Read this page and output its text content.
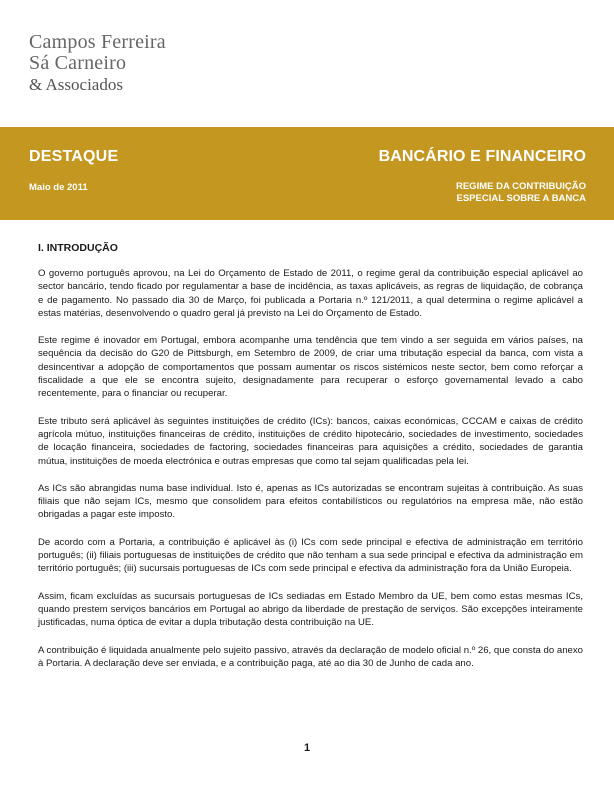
Campos Ferreira
Sá Carneiro
& Associados
DESTAQUE
Maio de 2011
BANCÁRIO E FINANCEIRO
REGIME DA CONTRIBUIÇÃO
ESPECIAL SOBRE A BANCA
I. INTRODUÇÃO

O governo português aprovou, na Lei do Orçamento de Estado de 2011, o regime geral da contribuição especial aplicável ao sector bancário, tendo ficado por regulamentar a base de incidência, as taxas aplicáveis, as regras de liquidação, de cobrança e de pagamento. No passado dia 30 de Março, foi publicada a Portaria n.º 121/2011, a qual determina o regime aplicável a estas matérias, desenvolvendo o quadro geral já previsto na Lei do Orçamento de Estado.

Este regime é inovador em Portugal, embora acompanhe uma tendência que tem vindo a ser seguida em vários países, na sequência da decisão do G20 de Pittsburgh, em Setembro de 2009, de criar uma tributação especial da banca, com vista a desincentivar a adopção de comportamentos que possam aumentar os riscos sistémicos neste sector, bem como reforçar a fiscalidade a que ele se encontra sujeito, designadamente para recuperar o esforço governamental levado a cabo recentemente, para o financiar ou recuperar.

Este tributo será aplicável às seguintes instituições de crédito (ICs): bancos, caixas económicas, CCCAM e caixas de crédito agrícola mútuo, instituições financeiras de crédito, instituições de crédito hipotecário, sociedades de investimento, sociedades de locação financeira, sociedades de factoring, sociedades financeiras para aquisições a crédito, sociedades de garantia mútua, instituições de moeda electrónica e outras empresas que como tal sejam qualificadas pela lei.

As ICs são abrangidas numa base individual. Isto é, apenas as ICs autorizadas se encontram sujeitas à contribuição. As suas filiais que não sejam ICs, mesmo que consolidem para efeitos contabilísticos ou regulatórios na empresa mãe, não estão obrigadas a pagar este imposto.

De acordo com a Portaria, a contribuição é aplicável às (i) ICs com sede principal e efectiva de administração em território português; (ii) filiais portuguesas de instituições de crédito que não tenham a sua sede principal e efectiva da administração em território português; (iii) sucursais portuguesas de ICs com sede principal e efectiva da administração fora da União Europeia.

Assim, ficam excluídas as sucursais portuguesas de ICs sediadas em Estado Membro da UE, bem como estas mesmas ICs, quando prestem serviços bancários em Portugal ao abrigo da liberdade de prestação de serviços. São excepções inteiramente justificadas, numa óptica de evitar a dupla tributação desta contribuição na UE.

A contribuição é liquidada anualmente pelo sujeito passivo, através da declaração de modelo oficial n.º 26, que consta do anexo à Portaria. A declaração deve ser enviada, e a contribuição paga, até ao dia 30 de Junho de cada ano.

1
